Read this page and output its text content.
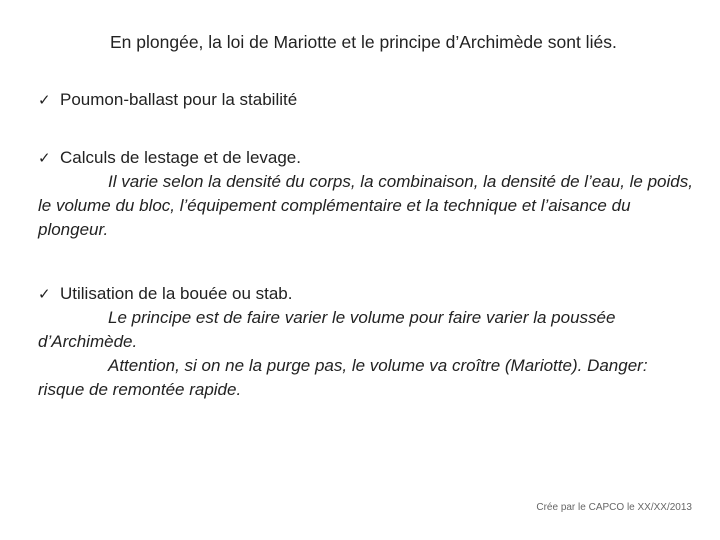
En plongée, la loi de Mariotte et le principe d’Archimède sont liés.
✓ Poumon-ballast pour la stabilité
✓ Calculs de lestage et de levage.

Il varie selon la densité du corps, la combinaison, la densité de l’eau, le poids, le volume du bloc, l’équipement complémentaire et la technique et l’aisance du plongeur.

✓ Utilisation de la bouée ou stab.

Le principe est de faire varier le volume pour faire varier la poussée d’Archimède.

Attention, si on ne la purge pas, le volume va croître (Mariotte). Danger: risque de remontée rapide.

Crée par le CAPCO le XX/XX/2013
